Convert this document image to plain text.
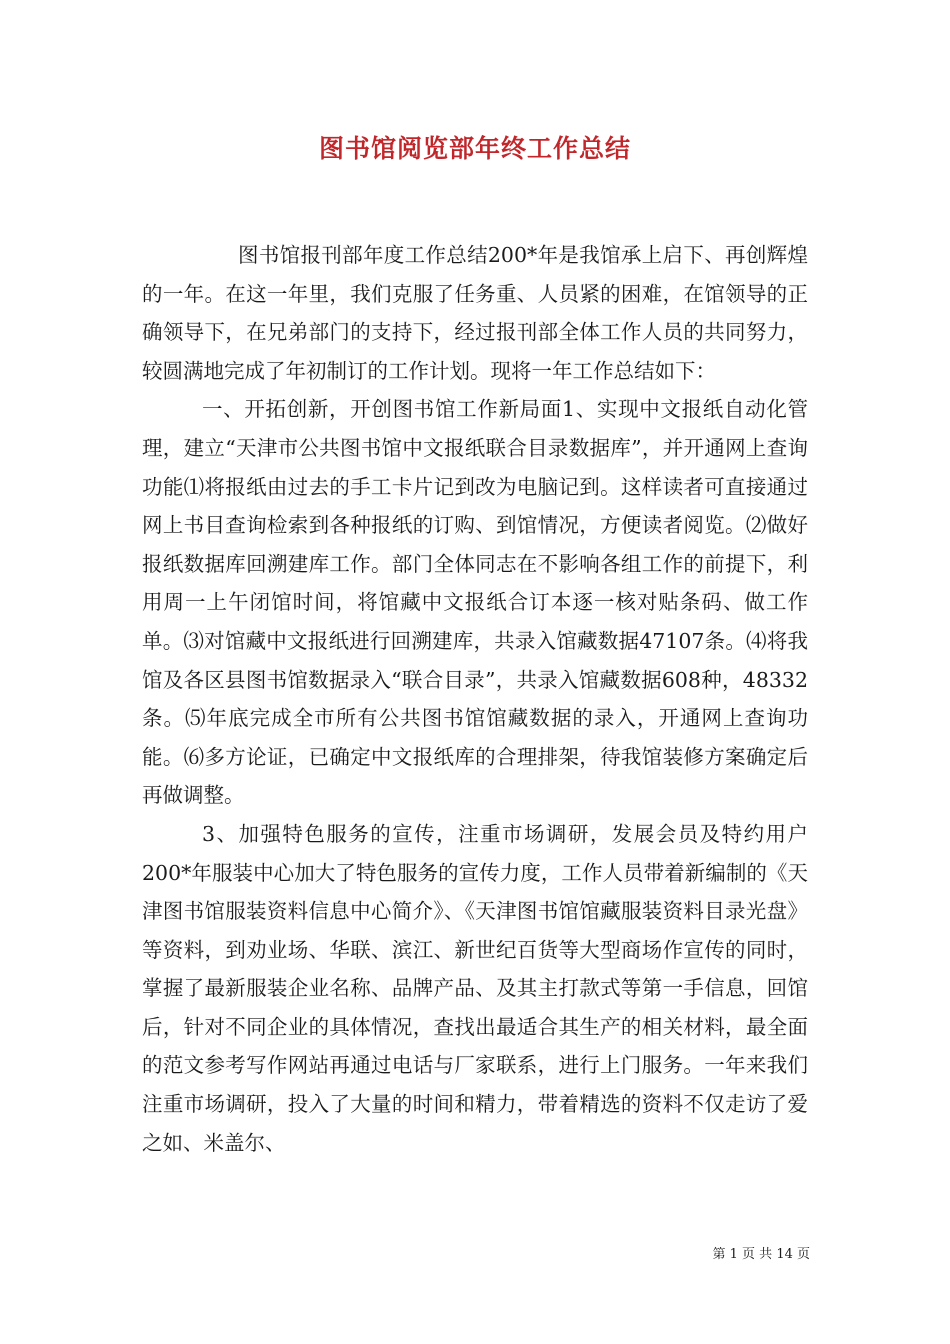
图书馆阅览部年终工作总结

图书馆报刊部年度工作总结200*年是我馆承上启下、再创辉煌的一年。在这一年里，我们克服了任务重、人员紧的困难，在馆领导的正确领导下，在兄弟部门的支持下，经过报刊部全体工作人员的共同努力，较圆满地完成了年初制订的工作计划。现将一年工作总结如下：

一、开拓创新，开创图书馆工作新局面1、实现中文报纸自动化管理，建立“天津市公共图书馆中文报纸联合目录数据库”，并开通网上查询功能⑴将报纸由过去的手工卡片记到改为电脑记到。这样读者可直接通过网上书目查询检索到各种报纸的订购、到馆情况，方便读者阅览。⑵做好报纸数据库回溯建库工作。部门全体同志在不影响各组工作的前提下，利用周一上午闭馆时间，将馆藏中文报纸合订本逐一核对贴条码、做工作单。⑶对馆藏中文报纸进行回溯建库，共录入馆藏数据47107条。⑷将我馆及各区县图书馆数据录入“联合目录”，共录入馆藏数据608种，48332条。⑸年底完成全市所有公共图书馆馆藏数据的录入，开通网上查询功能。⑹多方论证，已确定中文报纸库的合理排架，待我馆装修方案确定后再做调整。

3、加强特色服务的宣传，注重市场调研，发展会员及特约用户200*年服装中心加大了特色服务的宣传力度，工作人员带着新编制的《天津图书馆服装资料信息中心简介》、《天津图书馆馆藏服装资料目录光盘》等资料，到劝业场、华联、滨江、新世纪百货等大型商场作宣传的同时，掌握了最新服装企业名称、品牌产品、及其主打款式等第一手信息，回馆后，针对不同企业的具体情况，查找出最适合其生产的相关材料，最全面的范文参考写作网站再通过电话与厂家联系，进行上门服务。一年来我们注重市场调研，投入了大量的时间和精力，带着精选的资料不仅走访了爱之如、米盖尔、

第 1 页 共 14 页
